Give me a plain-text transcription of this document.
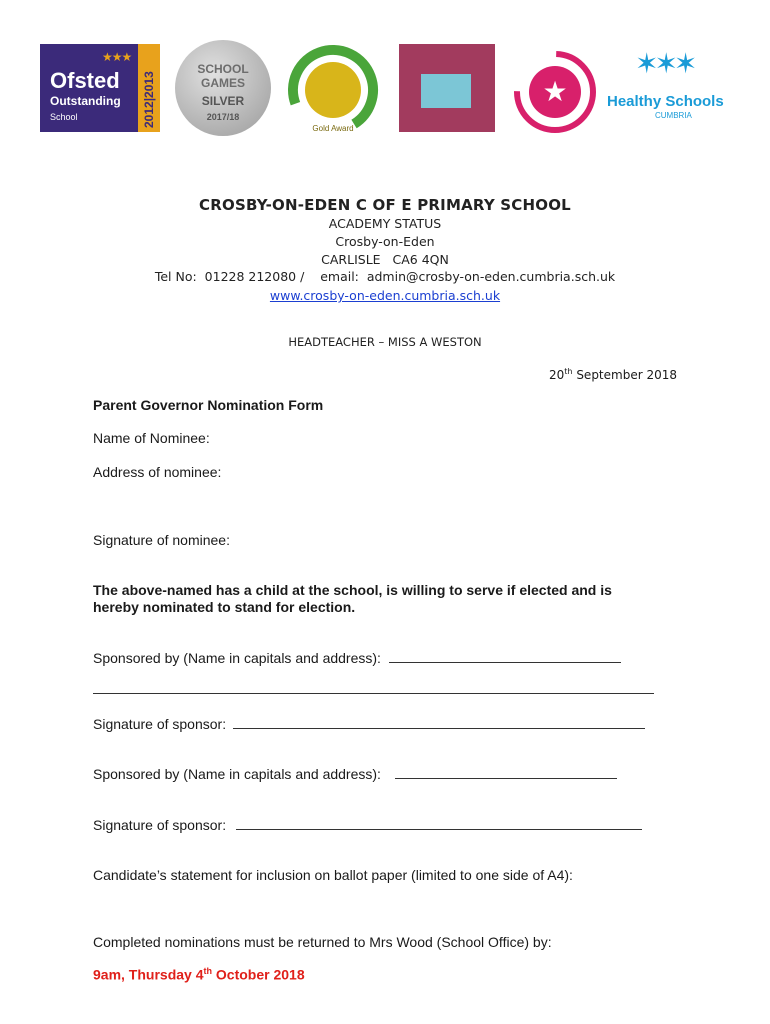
★★★
Ofsted
Outstanding
School	2012|2013
SCHOOL GAMES
SILVER
2017/18
Gold Award
★
✶✶✶
Healthy Schools
CUMBRIA
CROSBY-ON-EDEN C OF E PRIMARY SCHOOL
ACADEMY STATUS
Crosby-on-Eden
CARLISLE   CA6 4QN
Tel No:  01228 212080 /    email:  admin@crosby-on-eden.cumbria.sch.uk
www.crosby-on-eden.cumbria.sch.uk
HEADTEACHER – MISS A WESTON
20th September 2018
Parent Governor Nomination Form
Name of Nominee:
Address of nominee:
Signature of nominee:
The above-named has a child at the school, is willing to serve if elected and is
hereby nominated to stand for election.
Sponsored by (Name in capitals and address):
Signature of sponsor:
Sponsored by (Name in capitals and address):
Signature of sponsor:
Candidate’s statement for inclusion on ballot paper (limited to one side of A4):
Completed nominations must be returned to Mrs Wood (School Office) by:
9am, Thursday 4th October 2018
